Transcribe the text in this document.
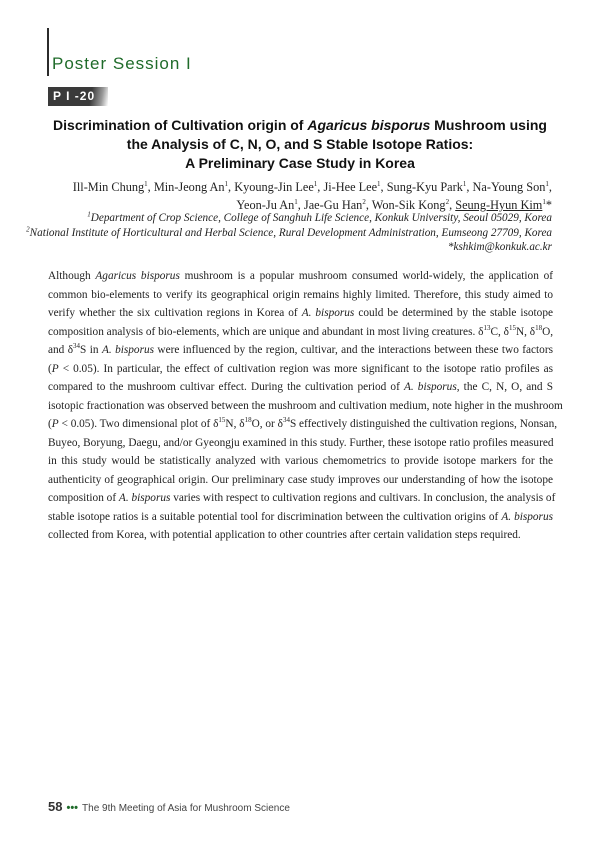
Poster Session I
P I -20
Discrimination of Cultivation origin of Agaricus bisporus Mushroom using
the Analysis of C, N, O, and S Stable Isotope Ratios:
A Preliminary Case Study in Korea
Ill-Min Chung$^1$, Min-Jeong An$^1$, Kyoung-Jin Lee$^1$, Ji-Hee Lee$^1$, Sung-Kyu Park$^1$, Na-Young Son$^1$,
Yeon-Ju An$^1$, Jae-Gu Han$^2$, Won-Sik Kong$^2$, Seung-Hyun Kim$^1$*
$^1$Department of Crop Science, College of Sanghuh Life Science, Konkuk University, Seoul 05029, Korea
$^2$National Institute of Horticultural and Herbal Science, Rural Development Administration, Eumseong 27709, Korea
*kshkim@konkuk.ac.kr
Although Agaricus bisporus mushroom is a popular mushroom consumed world-widely, the application of
common bio-elements to verify its geographical origin remains highly limited. Therefore, this study aimed to
verify whether the six cultivation regions in Korea of A. bisporus could be determined by the stable isotope
composition analysis of bio-elements, which are unique and abundant in most living creatures. $\delta^{13}C$, $\delta^{15}N$, $\delta^{18}O$,
and $\delta^{34}S$ in A. bisporus were influenced by the region, cultivar, and the interactions between these two factors
(P < 0.05). In particular, the effect of cultivation region was more significant to the isotope ratio profiles as
compared to the mushroom cultivar effect. During the cultivation period of A. bisporus, the C, N, O, and S
isotopic fractionation was observed between the mushroom and cultivation medium, note higher in the mushroom
(P < 0.05). Two dimensional plot of $\delta^{15}N$, $\delta^{18}O$, or $\delta^{34}S$ effectively distinguished the cultivation regions, Nonsan,
Buyeo, Boryung, Daegu, and/or Gyeongju examined in this study. Further, these isotope ratio profiles measured
in this study would be statistically analyzed with various chemometrics to provide isotope markers for the
authenticity of geographical origin. Our preliminary case study improves our understanding of how the isotope
composition of A. bisporus varies with respect to cultivation regions and cultivars. In conclusion, the analysis of
stable isotope ratios is a suitable potential tool for discrimination between the cultivation origins of A. bisporus
collected from Korea, with potential application to other countries after certain validation steps required.
58 ••• The 9th Meeting of Asia for Mushroom Science
